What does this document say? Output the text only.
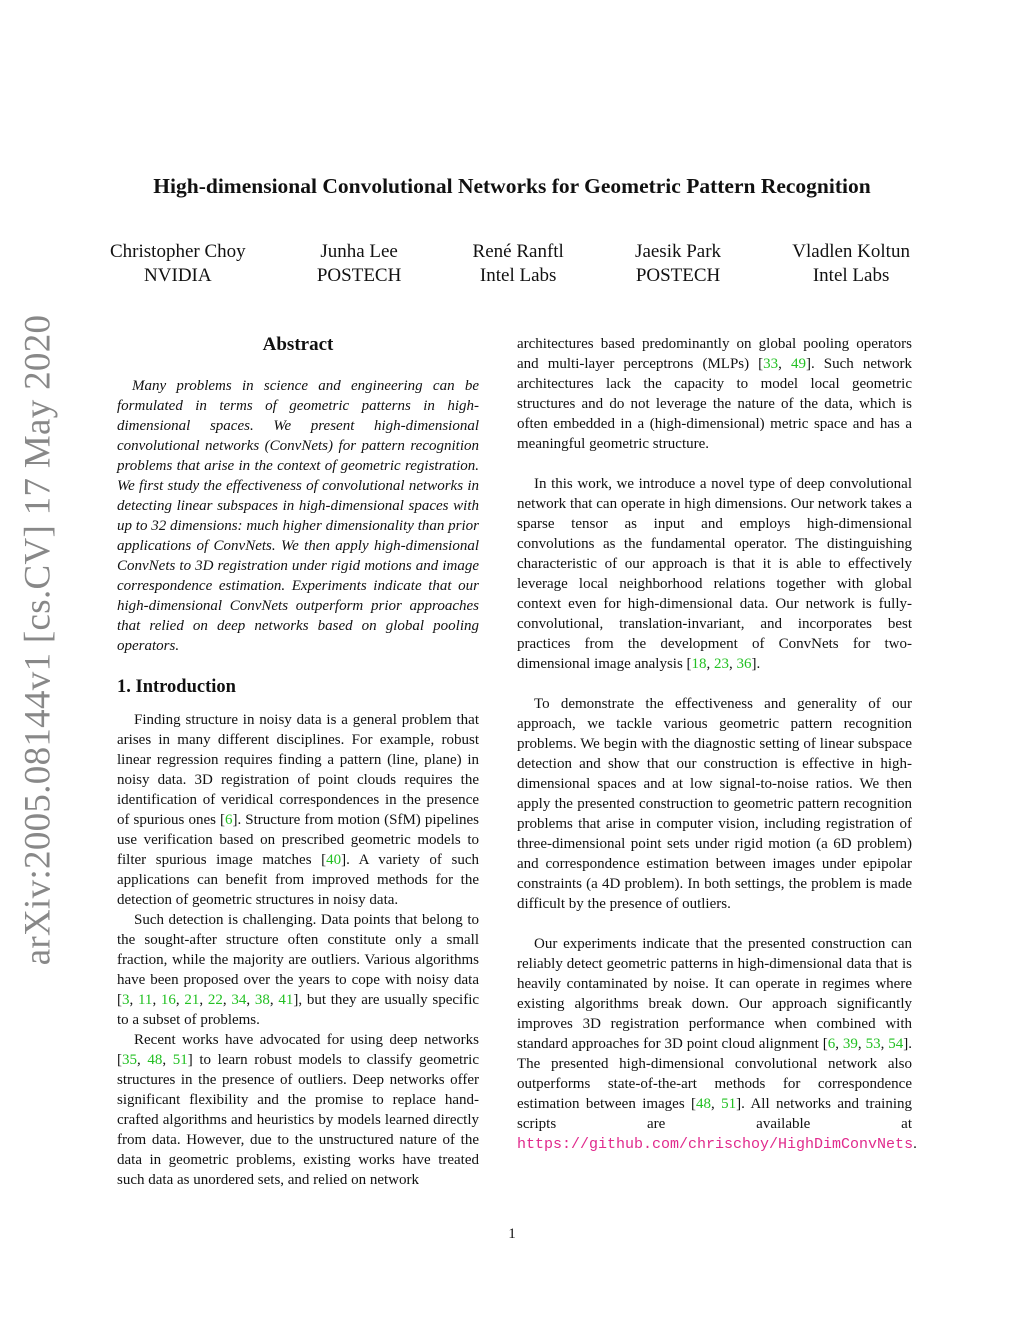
arXiv:2005.08144v1 [cs.CV] 17 May 2020
High-dimensional Convolutional Networks for Geometric Pattern Recognition
Christopher Choy
NVIDIA
Junha Lee
POSTECH
René Ranftl
Intel Labs
Jaesik Park
POSTECH
Vladlen Koltun
Intel Labs
Abstract

Many problems in science and engineering can be formulated in terms of geometric patterns in high-dimensional spaces. We present high-dimensional convolutional networks (ConvNets) for pattern recognition problems that arise in the context of geometric registration. We first study the effectiveness of convolutional networks in detecting linear subspaces in high-dimensional spaces with up to 32 dimensions: much higher dimensionality than prior applications of ConvNets. We then apply high-dimensional ConvNets to 3D registration under rigid motions and image correspondence estimation. Experiments indicate that our high-dimensional ConvNets outperform prior approaches that relied on deep networks based on global pooling operators.

1. Introduction

Finding structure in noisy data is a general problem that arises in many different disciplines. For example, robust linear regression requires finding a pattern (line, plane) in noisy data. 3D registration of point clouds requires the identification of veridical correspondences in the presence of spurious ones [6]. Structure from motion (SfM) pipelines use verification based on prescribed geometric models to filter spurious image matches [40]. A variety of such applications can benefit from improved methods for the detection of geometric structures in noisy data.

Such detection is challenging. Data points that belong to the sought-after structure often constitute only a small fraction, while the majority are outliers. Various algorithms have been proposed over the years to cope with noisy data [3, 11, 16, 21, 22, 34, 38, 41], but they are usually specific to a subset of problems.

Recent works have advocated for using deep networks [35, 48, 51] to learn robust models to classify geometric structures in the presence of outliers. Deep networks offer significant flexibility and the promise to replace hand-crafted algorithms and heuristics by models learned directly from data. However, due to the unstructured nature of the data in geometric problems, existing works have treated such data as unordered sets, and relied on network

architectures based predominantly on global pooling operators and multi-layer perceptrons (MLPs) [33, 49]. Such network architectures lack the capacity to model local geometric structures and do not leverage the nature of the data, which is often embedded in a (high-dimensional) metric space and has a meaningful geometric structure.

In this work, we introduce a novel type of deep convolutional network that can operate in high dimensions. Our network takes a sparse tensor as input and employs high-dimensional convolutions as the fundamental operator. The distinguishing characteristic of our approach is that it is able to effectively leverage local neighborhood relations together with global context even for high-dimensional data. Our network is fully-convolutional, translation-invariant, and incorporates best practices from the development of ConvNets for two-dimensional image analysis [18, 23, 36].

To demonstrate the effectiveness and generality of our approach, we tackle various geometric pattern recognition problems. We begin with the diagnostic setting of linear subspace detection and show that our construction is effective in high-dimensional spaces and at low signal-to-noise ratios. We then apply the presented construction to geometric pattern recognition problems that arise in computer vision, including registration of three-dimensional point sets under rigid motion (a 6D problem) and correspondence estimation between images under epipolar constraints (a 4D problem). In both settings, the problem is made difficult by the presence of outliers.

Our experiments indicate that the presented construction can reliably detect geometric patterns in high-dimensional data that is heavily contaminated by noise. It can operate in regimes where existing algorithms break down. Our approach significantly improves 3D registration performance when combined with standard approaches for 3D point cloud alignment [6, 39, 53, 54]. The presented high-dimensional convolutional network also outperforms state-of-the-art methods for correspondence estimation between images [48, 51]. All networks and training scripts are available at https://github.com/chrischoy/HighDimConvNets.

1
